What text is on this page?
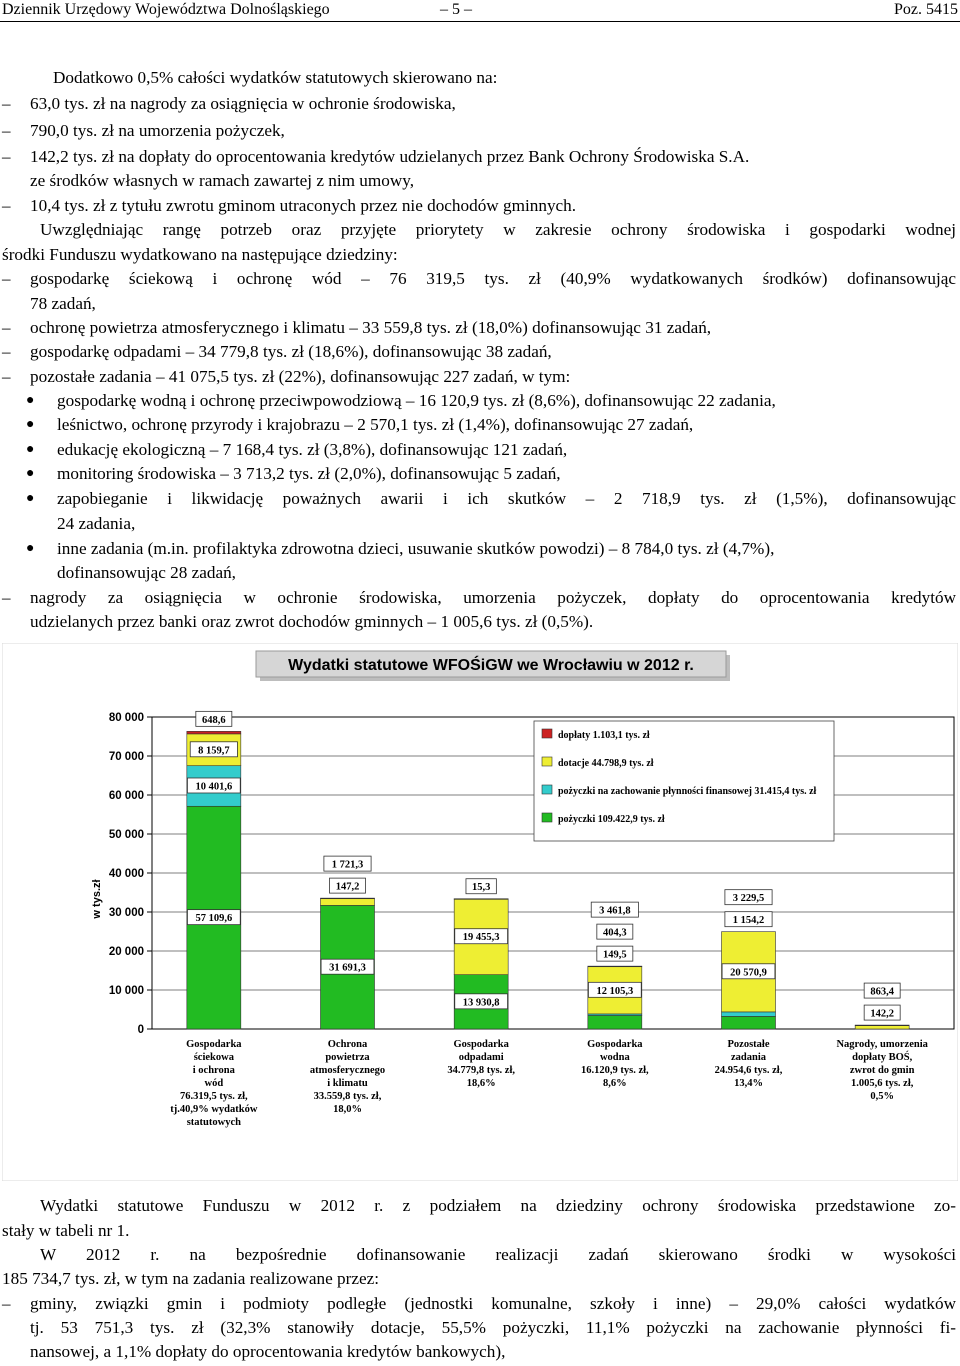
Dziennik Urzędowy Województwa Dolnośląskiego	– 5 –	Poz. 5415
Dodatkowo 0,5% całości wydatków statutowych skierowano na:
– 63,0 tys. zł na nagrody za osiągnięcia w ochronie środowiska,
– 790,0 tys. zł na umorzenia pożyczek,
– 142,2 tys. zł na dopłaty do oprocentowania kredytów udzielanych przez Bank Ochrony Środowiska S.A.
ze środków własnych w ramach zawartej z nim umowy,
– 10,4 tys. zł z tytułu zwrotu gminom utraconych przez nie dochodów gminnych.
Uwzględniając rangę potrzeb oraz przyjęte priorytety w zakresie ochrony środowiska i gospodarki wodnej
środki Funduszu wydatkowano na następujące dziedziny:
– gospodarkę ściekową i ochronę wód – 76 319,5 tys. zł (40,9% wydatkowanych środków) dofinansowując
78 zadań,
– ochronę powietrza atmosferycznego i klimatu – 33 559,8 tys. zł (18,0%) dofinansowując 31 zadań,
– gospodarkę odpadami – 34 779,8 tys. zł (18,6%), dofinansowując 38 zadań,
– pozostałe zadania – 41 075,5 tys. zł (22%), dofinansowując 227 zadań, w tym:
● gospodarkę wodną i ochronę przeciwpowodziową – 16 120,9 tys. zł (8,6%), dofinansowując 22 zadania,
● leśnictwo, ochronę przyrody i krajobrazu – 2 570,1 tys. zł (1,4%), dofinansowując 27 zadań,
● edukację ekologiczną – 7 168,4 tys. zł (3,8%), dofinansowując 121 zadań,
● monitoring środowiska – 3 713,2 tys. zł (2,0%), dofinansowując 5 zadań,
● zapobieganie i likwidację poważnych awarii i ich skutków – 2 718,9 tys. zł (1,5%), dofinansowując
24 zadania,
● inne zadania (m.in. profilaktyka zdrowotna dzieci, usuwanie skutków powodzi) – 8 784,0 tys. zł (4,7%),
dofinansowując 28 zadań,
– nagrody za osiągnięcia w ochronie środowiska, umorzenia pożyczek, dopłaty do oprocentowania kredytów
udzielanych przez banki oraz zwrot dochodów gminnych – 1 005,6 tys. zł (0,5%).
Wydatki statutowe WFOŚiGW we Wrocławiu w 2012 r.
0
10 000
20 000
30 000
40 000
50 000
60 000
70 000
80 000
57 109,6
10 401,6
8 159,7
648,6
31 691,3
1 721,3
147,2
13 930,8
19 455,3
15,3
3 461,8
404,3
12 105,3
149,5
3 229,5
1 154,2
20 570,9
863,4
142,2
Gospodarka
ściekowa
i ochrona
wód
76.319,5 tys. zł,
tj.40,9% wydatków
statutowych
Ochrona
powietrza
atmosferycznego
i klimatu
33.559,8 tys. zł,
18,0%
Gospodarka
odpadami
34.779,8 tys. zł,
18,6%
Gospodarka
wodna
16.120,9 tys. zł,
8,6%
Pozostałe
zadania
24.954,6 tys. zł,
13,4%
Nagrody, umorzenia
dopłaty BOŚ,
zwrot do gmin
1.005,6 tys. zł,
0,5%
w tys.zł
dopłaty 1.103,1 tys. zł
dotacje 44.798,9 tys. zł
pożyczki na zachowanie płynności finansowej 31.415,4 tys. zł
pożyczki 109.422,9 tys. zł
Wydatki statutowe Funduszu w 2012 r. z podziałem na dziedziny ochrony środowiska przedstawione zo-
stały w tabeli nr 1.
W 2012 r. na bezpośrednie dofinansowanie realizacji zadań skierowano środki w wysokości
185 734,7 tys. zł, w tym na zadania realizowane przez:
– gminy, związki gmin i podmioty podległe (jednostki komunalne, szkoły i inne) – 29,0% całości wydatków
tj. 53 751,3 tys. zł (32,3% stanowiły dotacje, 55,5% pożyczki, 11,1% pożyczki na zachowanie płynności fi-
nansowej, a 1,1% dopłaty do oprocentowania kredytów bankowych),
